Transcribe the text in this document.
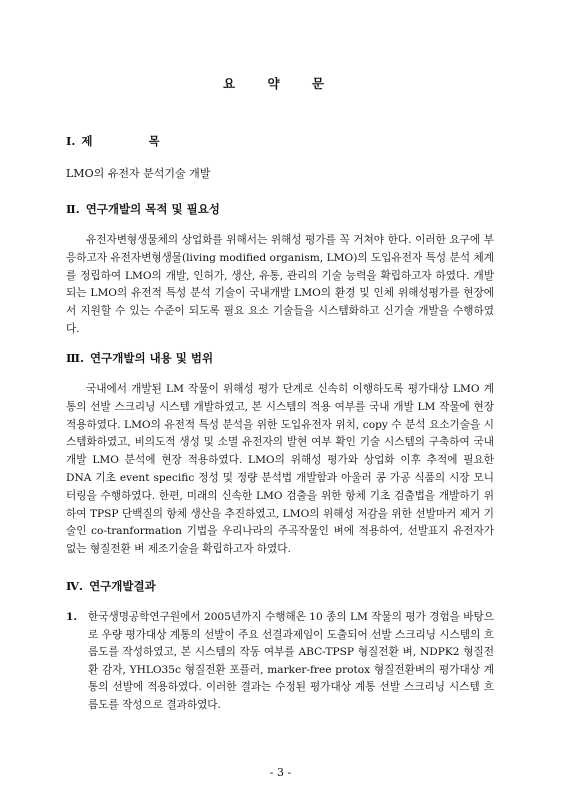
요 약 문
Ⅰ. 제 목
LMO의 유전자 분석기술 개발
Ⅱ. 연구개발의 목적 및 필요성

유전자변형생물체의 상업화를 위해서는 위해성 평가를 꼭 거쳐야 한다. 이러한 요구에 부응하고자 유전자변형생물(living modified organism, LMO)의 도입유전자 특성 분석 체계를 정립하여 LMO의 개발, 인허가, 생산, 유통, 관리의 기술 능력을 확립하고자 하였다. 개발되는 LMO의 유전적 특성 분석 기술이 국내개발 LMO의 환경 및 인체 위해성평가를 현장에서 지원할 수 있는 수준이 되도록 필요 요소 기술들을 시스템화하고 신기술 개발을 수행하였다.

Ⅲ. 연구개발의 내용 및 범위

국내에서 개발된 LM 작물이 위해성 평가 단계로 신속히 이행하도록 평가대상 LMO 계통의 선발 스크리닝 시스템 개발하였고, 본 시스템의 적용 여부를 국내 개발 LM 작물에 현장 적용하였다. LMO의 유전적 특성 분석을 위한 도입유전자 위치, copy 수 분석 요소기술을 시스템화하였고, 비의도적 생성 및 소멸 유전자의 발현 여부 확인 기술 시스템의 구축하여 국내 개발 LMO 분석에 현장 적용하였다. LMO의 위해성 평가와 상업화 이후 추적에 필요한 DNA 기초 event specific 정성 및 정량 분석법 개발함과 아울러 콩 가공 식품의 시장 모니터링을 수행하였다. 한편, 미래의 신속한 LMO 검출을 위한 항체 기초 검출법을 개발하기 위하여 TPSP 단백질의 항체 생산을 추진하였고, LMO의 위해성 저감을 위한 선발마커 제거 기술인 co-tranformation 기법을 우리나라의 주곡작물인 벼에 적용하여, 선발표지 유전자가 없는 형질전환 벼 제조기술을 확립하고자 하였다.

Ⅳ. 연구개발결과
1.	한국생명공학연구원에서 2005년까지 수행해온 10 종의 LM 작물의 평가 경험을 바탕으로 우량 평가대상 계통의 선발이 주요 선결과제임이 도출되어 선발 스크리닝 시스템의 흐름도를 작성하였고, 본 시스템의 작동 여부를 ABC-TPSP 형질전환 벼, NDPK2 형질전환 감자, YHLO35c 형질전환 포플러, marker-free protox 형질전환벼의 평가대상 계통의 선발에 적용하였다. 이러한 결과는 수정된 평가대상 계통 선발 스크리닝 시스템 흐름도를 작성으로 결과하였다.
- 3 -
